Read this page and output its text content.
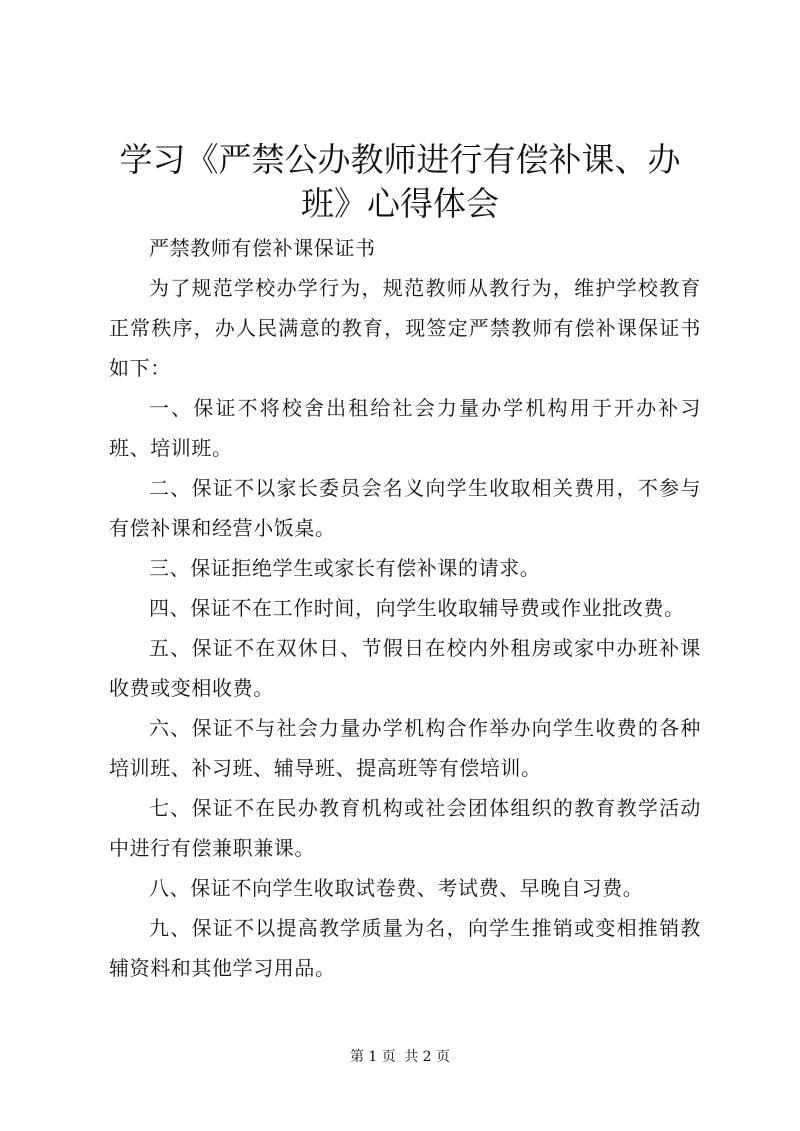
学习《严禁公办教师进行有偿补课、办班》心得体会

严禁教师有偿补课保证书

为了规范学校办学行为，规范教师从教行为，维护学校教育正常秩序，办人民满意的教育，现签定严禁教师有偿补课保证书如下：

一、保证不将校舍出租给社会力量办学机构用于开办补习班、培训班。

二、保证不以家长委员会名义向学生收取相关费用，不参与有偿补课和经营小饭桌。

三、保证拒绝学生或家长有偿补课的请求。

四、保证不在工作时间，向学生收取辅导费或作业批改费。

五、保证不在双休日、节假日在校内外租房或家中办班补课收费或变相收费。

六、保证不与社会力量办学机构合作举办向学生收费的各种培训班、补习班、辅导班、提高班等有偿培训。

七、保证不在民办教育机构或社会团体组织的教育教学活动中进行有偿兼职兼课。

八、保证不向学生收取试卷费、考试费、早晚自习费。

九、保证不以提高教学质量为名，向学生推销或变相推销教辅资料和其他学习用品。

第 1 页 共 2 页
